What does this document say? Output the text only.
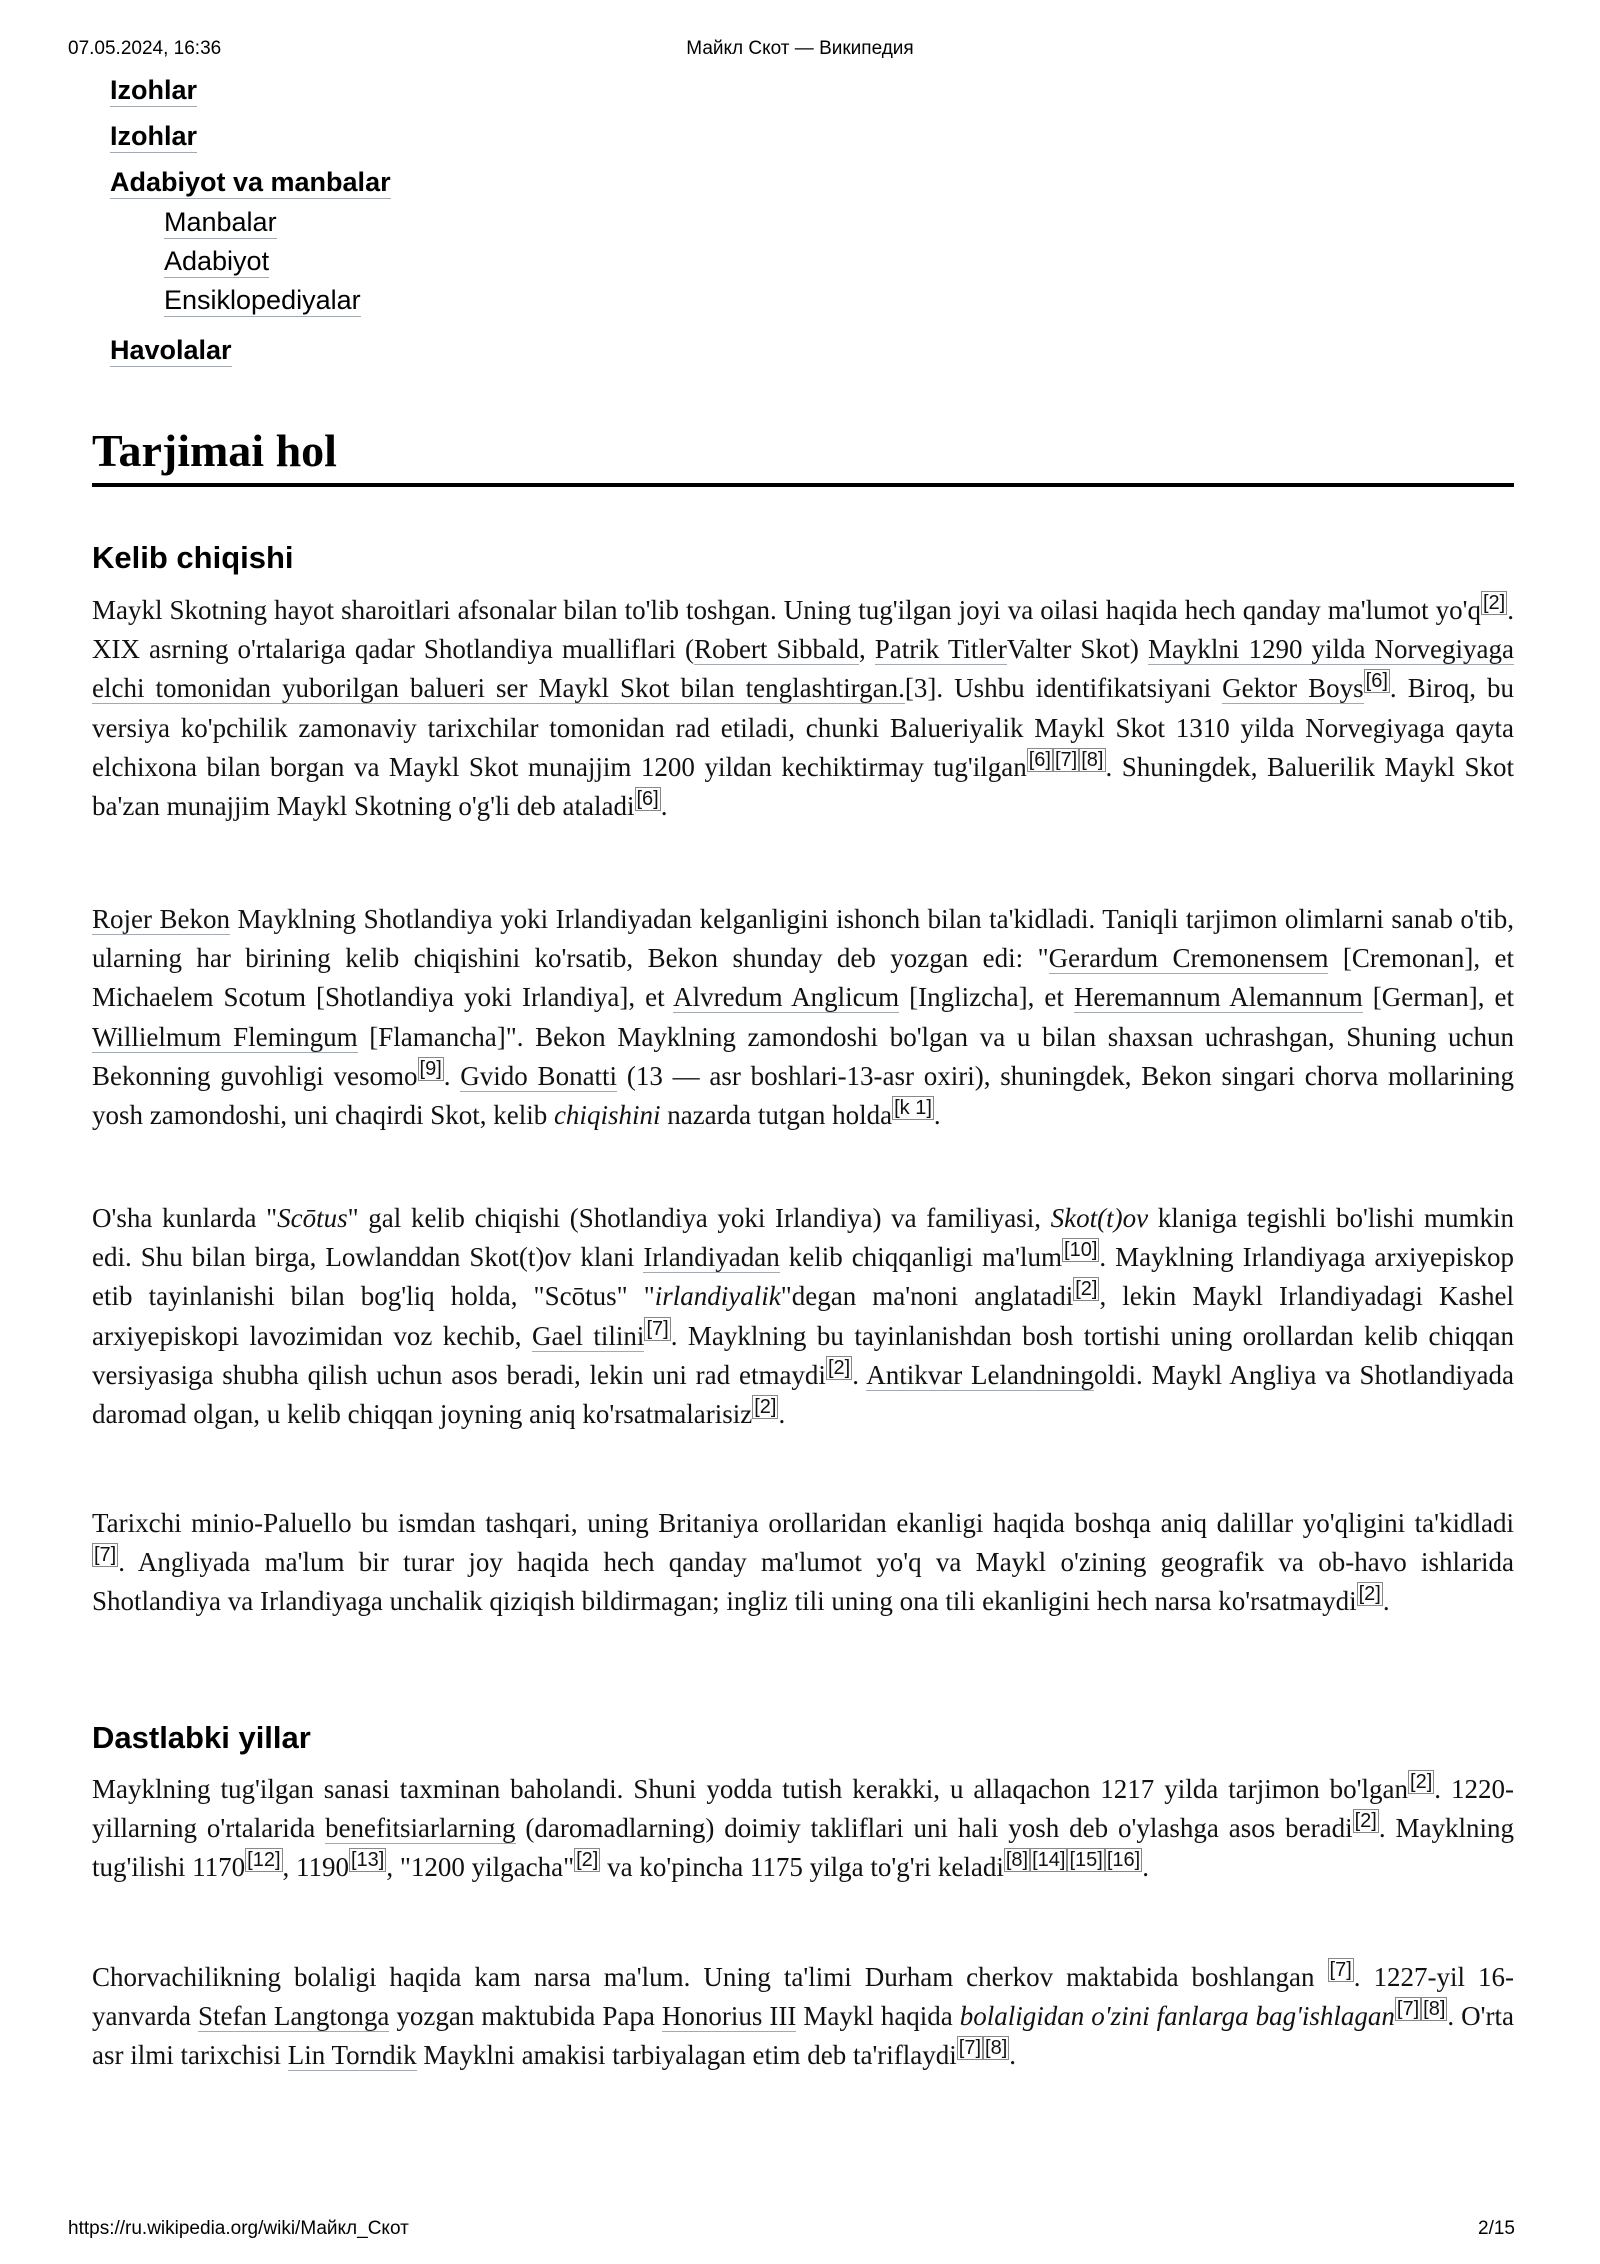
07.05.2024, 16:36	Майкл Скот — Википедия
Izohlar
Izohlar
Adabiyot va manbalar
Manbalar
Adabiyot
Ensiklopediyalar
Havolalar
Tarjimai hol
Kelib chiqishi

Maykl Skotning hayot sharoitlari afsonalar bilan to'lib toshgan. Uning tug'ilgan joyi va oilasi haqida hech qanday ma'lumot yo'q [2]. XIX asrning o'rtalariga qadar Shotlandiya mualliflari (Robert Sibbald, Patrik TitlerValter Skot) Maykln​i 1290 yilda Norvegiyaga elchi tomonidan yuborilgan balueri ser Maykl Skot bilan tenglashtirgan.[3]. Ushbu identifikatsiyani Gektor Boys [6]. Biroq, bu versiya ko'pchilik zamonaviy tarixchilar tomonidan rad etiladi, chunki Balueriyalik Maykl Skot 1310 yilda Norvegiyaga qayta elchixona bilan borgan va Maykl Skot munajjim 1200 yildan kechiktirmay tug'ilgan [6] [7] [8]. Shuningdek, Baluerilik Maykl Skot ba'zan munajjim Maykl Skotning o'g'li deb ataladi [6].

Rojer Bekon Mayklning Shotlandiya yoki Irlandiyadan kelganligini ishonch bilan ta'kidladi. Taniqli tarjimon olimlarni sanab o'tib, ularning har birining kelib chiqishini ko'rsatib, Bekon shunday deb yozgan edi: "Gerardum Cremonensem [Cremonan], et Michaelem Scotum [Shotlandiya yoki Irlandiya], et Alvredum Anglicum [Inglizcha], et Heremannum Alemannum [German], et Willielmum Flemingum [Flamancha]". Bekon Mayklning zamondoshi bo'lgan va u bilan shaxsan uchrashgan, Shuning uchun Bekonning guvohligi vesomo [9]. Gvido Bonatti (13 — asr boshlari-13-asr oxiri), shuningdek, Bekon singari chorva mollarining yosh zamondoshi, uni chaqirdi Skot, kelib chiqishini nazarda tutgan holda [k 1].

O'sha kunlarda "Scōtus" gal kelib chiqishi (Shotlandiya yoki Irlandiya) va familiyasi, Skot(t)ov klaniga tegishli bo'lishi mumkin edi. Shu bilan birga, Lowlanddan Skot(t)ov klani Irlandiyadan kelib chiqqanligi ma'lum [10]. Mayklning Irlandiyaga arxiyepiskop etib tayinlanishi bilan bog'liq holda, "Scōtus" "irlandiyalik"degan ma'noni anglatadi [2], lekin Maykl Irlandiyadagi Kashel arxiyepiskopi lavozimidan voz kechib, Gael tilini [7]. Mayklning bu tayinlanishdan bosh tortishi uning orollardan kelib chiqqan versiyasiga shubha qilish uchun asos beradi, lekin uni rad etmaydi [2]. Antikvar Lelandningoldi. Maykl Angliya va Shotlandiyada daromad olgan, u kelib chiqqan joyning aniq ko'rsatmalarisiz [2].

Tarixchi minio-Paluello bu ismdan tashqari, uning Britaniya orollaridan ekanligi haqida boshqa aniq dalillar yo'qligini ta'kidladi [7]. Angliyada ma'lum bir turar joy haqida hech qanday ma'lumot yo'q va Maykl o'zining geografik va ob-havo ishlarida Shotlandiya va Irlandiyaga unchalik qiziqish bildirmagan; ingliz tili uning ona tili ekanligini hech narsa ko'rsatmaydi [2].

Dastlabki yillar

Mayklning tug'ilgan sanasi taxminan baholandi. Shuni yodda tutish kerakki, u allaqachon 1217 yilda tarjimon bo'lgan [2]. 1220-yillarning o'rtalarida benefitsiarlarning (daromadlarning) doimiy takliflari uni hali yosh deb o'ylashga asos beradi [2]. Mayklning tug'ilishi 1170 [12], 1190 [13], "1200 yilgacha" [2] va ko'pincha 1175 yilga to'g'ri keladi [8] [14] [15] [16].

Chorvachilikning bolaligi haqida kam narsa ma'lum. Uning ta'limi Durham cherkov maktabida boshlangan [7]. 1227-yil 16-yanvarda Stefan Langtonga yozgan maktubida Papa Honorius III Maykl haqida bolaligidan o'zini fanlarga bag'ishlagan [7] [8]. O'rta asr ilmi tarixchisi Lin Torndik Maykl​ni amakisi tarbiyalagan etim deb ta'riflaydi [7] [8].

https://ru.wikipedia.org/wiki/Майкл_Скот	2/15
